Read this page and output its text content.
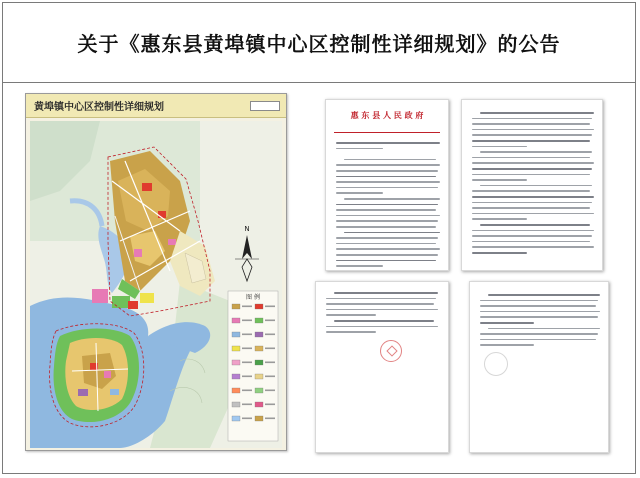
关于《惠东县黄埠镇中心区控制性详细规划》的公告
黄埠镇中心区控制性详细规划
N
图 例
惠 东 县 人 民 政 府
